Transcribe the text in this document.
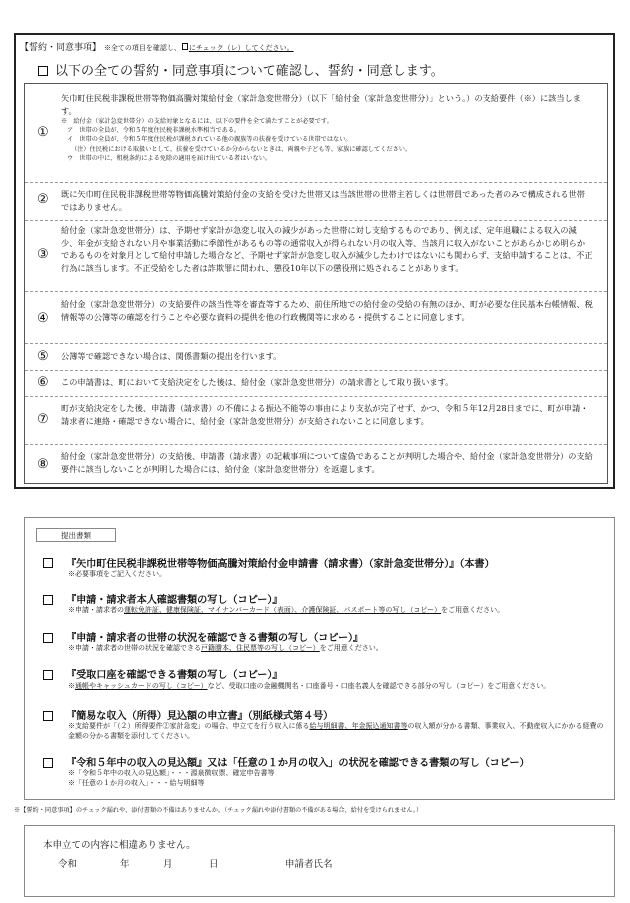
【誓約・同意事項】 ※全ての項目を確認し、 にチェック（レ）してください。
以下の全ての誓約・同意事項について確認し、誓約・同意します。
①
矢巾町住民税非課税世帯等物価高騰対策給付金（家計急変世帯分）（以下「給付金（家計急変世帯分）」という。）の支給要件（※）に該当します。

※　給付金（家計急変世帯分）の支給対象となるには、以下の要件を全て満たすことが必要です。

ア　世帯の全員が、令和５年度住民税非課税水準相当である。

イ　世帯の全員が、令和５年度住民税が課税されている他の親族等の扶養を受けている世帯ではない。

（注）住民税における取扱いとして、扶養を受けているか分からないときは、両親や子ども等、家族に確認してください。

ウ　世帯の中に、租税条約による免除の適用を届け出ている者はいない。

② 既に矢巾町住民税非課税世帯等物価高騰対策給付金の支給を受けた世帯又は当該世帯の世帯主若しくは世帯員であった者のみで構成される世帯ではありません。
③
給付金（家計急変世帯分）は、予期せず家計が急変し収入の減少があった世帯に対し支給するものであり、例えば、定年退職による収入の減少、年金が支給されない月や事業活動に季節性があるもの等の通常収入が得られない月の収入等、当該月に収入がないことがあらかじめ明らかであるものを対象月として給付申請した場合など、予期せず家計が急変し収入が減少したわけではないにも関わらず、支給申請することは、不正行為に該当します。不正受給をした者は詐欺罪に問われ、懲役10年以下の懲役刑に処されることがあります。
④
給付金（家計急変世帯分）の支給要件の該当性等を審査等するため、前住所地での給付金の受給の有無のほか、町が必要な住民基本台帳情報、税情報等の公簿等の確認を行うことや必要な資料の提供を他の行政機関等に求める・提供することに同意します。
⑤ 公簿等で確認できない場合は、関係書類の提出を行います。
⑥ この申請書は、町において支給決定をした後は、給付金（家計急変世帯分）の請求書として取り扱います。
⑦
町が支給決定をした後、申請書（請求書）の不備による振込不能等の事由により支払が完了せず、かつ、令和５年12月28日までに、町が申請・請求者に連絡・確認できない場合に、給付金（家計急変世帯分）が支給されないことに同意します。
⑧
給付金（家計急変世帯分）の支給後、申請書（請求書）の記載事項について虚偽であることが判明した場合や、給付金（家計急変世帯分）の支給要件に該当しないことが判明した場合には、給付金（家計急変世帯分）を返還します。
提出書類
『矢巾町住民税非課税世帯等物価高騰対策給付金申請書（請求書）（家計急変世帯分）』（本書）

※必要事項をご記入ください。

『申請・請求者本人確認書類の写し（コピー）』
※申請・請求者の運転免許証、健康保険証、マイナンバーカード（表面）、介護保険証、パスポート等の写し（コピー）をご用意ください。
『申請・請求者の世帯の状況を確認できる書類の写し（コピー）』
※申請・請求者の世帯の状況を確認できる戸籍謄本、住民票等の写し（コピー）をご用意ください。
『受取口座を確認できる書類の写し（コピー）』
※通帳やキャッシュカードの写し（コピー）など、受取口座の金融機関名・口座番号・口座名義人を確認できる部分の写し（コピー）をご用意ください。
『簡易な収入（所得）見込額の申立書』（別紙様式第４号）
※支給要件が「（２）所得要件②家計急変」の場合、申立てを行う収入に係る給与明細書、年金振込通知書等の収入額が分かる書類、事業収入、不動産収入にかかる経費の金額の分かる書類を添付してください。
『令和５年中の収入の見込額』又は「任意の１か月の収入」の状況を確認できる書類の写し（コピー）

※「令和５年中の収入の見込額」・・・源泉徴収票、確定申告書等

※「任意の１か月の収入」・・・給与明細等

※【誓約・同意事項】のチェック漏れや、添付書類の不備はありませんか。（チェック漏れや添付書類の不備がある場合、給付を受けられません。）
本申立ての内容に相違ありません。
令和	年	月	日	申請者氏名
